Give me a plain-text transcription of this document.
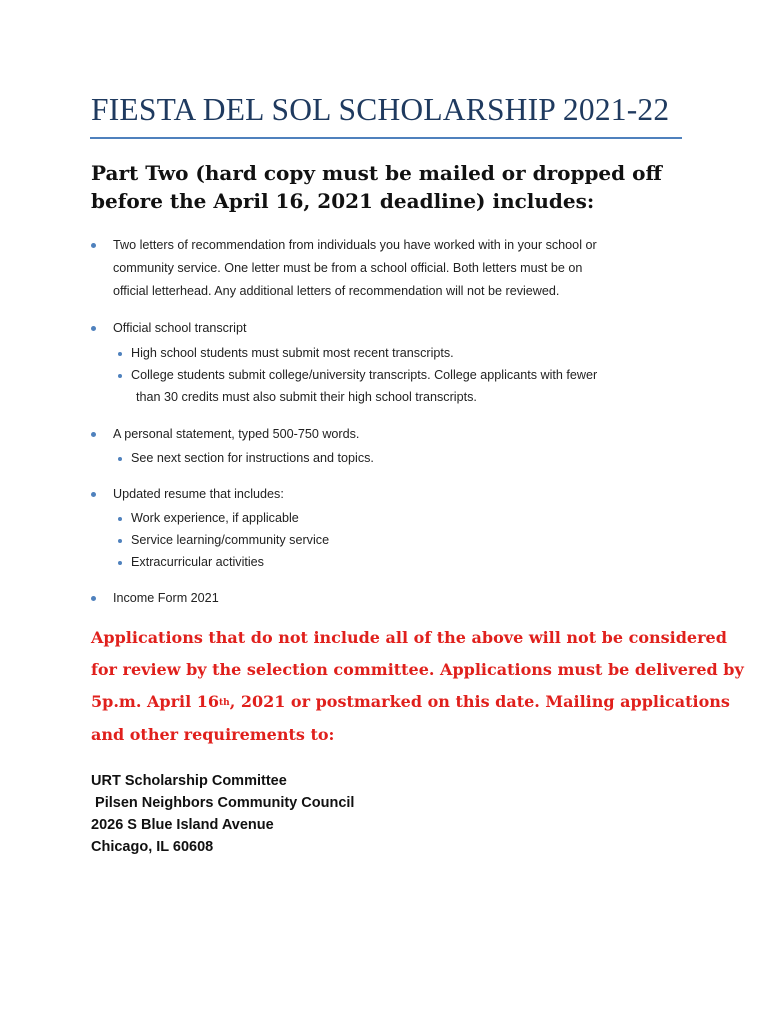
FIESTA DEL SOL SCHOLARSHIP 2021-22
Part Two (hard copy must be mailed or dropped off
before the April 16, 2021 deadline) includes:
Two letters of recommendation from individuals you have worked with in your school or
community service. One letter must be from a school official. Both letters must be on
official letterhead. Any additional letters of recommendation will not be reviewed.
Official school transcript
High school students must submit most recent transcripts.
College students submit college/university transcripts. College applicants with fewer
than 30 credits must also submit their high school transcripts.
A personal statement, typed 500-750 words.
See next section for instructions and topics.
Updated resume that includes:
Work experience, if applicable
Service learning/community service
Extracurricular activities
Income Form 2021
Applications that do not include all of the above will not be considered
for review by the selection committee. Applications must be delivered by
5p.m. April 16th, 2021 or postmarked on this date. Mailing applications
and other requirements to:
URT Scholarship Committee
Pilsen Neighbors Community Council
2026 S Blue Island Avenue
Chicago, IL 60608
